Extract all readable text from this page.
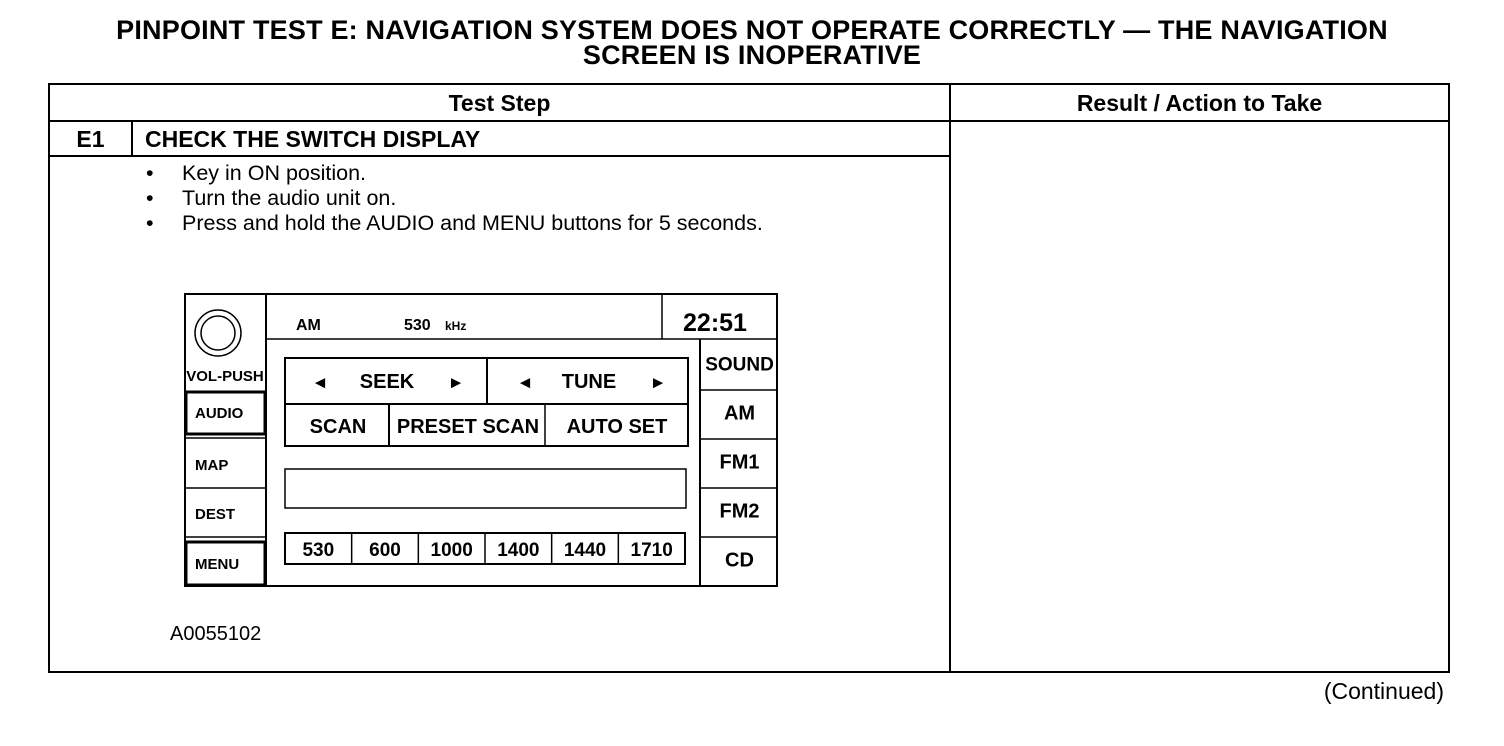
PINPOINT TEST E: NAVIGATION SYSTEM DOES NOT OPERATE CORRECTLY — THE NAVIGATION
SCREEN IS INOPERATIVE
Test Step	Result / Action to Take
E1	CHECK THE SWITCH DISPLAY
• Key in ON position.
• Turn the audio unit on.
• Press and hold the AUDIO and MENU buttons for 5 seconds.
A0055102
VOL-PUSH
AUDIO
MAP
DEST
MENU
AM	530 kHz	22:51
◄ SEEK ►	◄ TUNE ►
SCAN PRESET SCAN AUTO SET
530 600 1000 1400 1440 1710
SOUND
AM
FM1
FM2
CD
(Continued)
